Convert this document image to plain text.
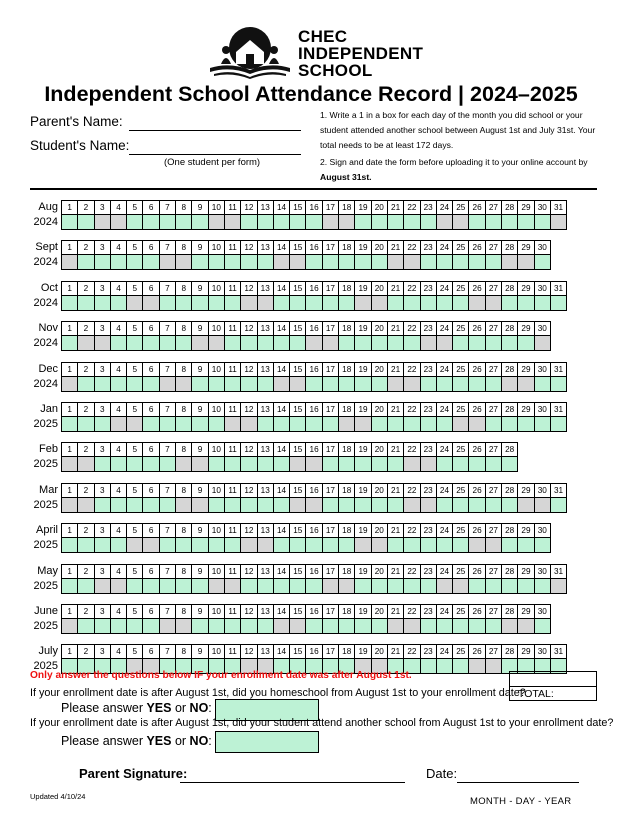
CHEC
INDEPENDENT
SCHOOL
Independent School Attendance Record | 2024–2025
Parent's Name:
Student's Name:
(One student per form)
1. Write a 1 in a box for each day of the month you did school or your student attended another school between August 1st and July 31st. Your total needs to be at least 172 days.
2. Sign and date the form before uploading it to your online account by August 31st.
Aug
2024
1	2	3	4	5	6	7	8	9	10 11 12 13 14 15 16 17 18 19 20 21 22 23 24 25 26 27 28 29 30 31
Sept
2024
1	2	3	4	5	6	7	8	9	10 11 12 13 14 15 16 17 18 19 20 21 22 23 24 25 26 27 28 29 30
Oct
2024
1	2	3	4	5	6	7	8	9	10 11 12 13 14 15 16 17 18 19 20 21 22 23 24 25 26 27 28 29 30 31
Nov
2024
1	2	3	4	5	6	7	8	9	10 11 12 13 14 15 16 17 18 19 20 21 22 23 24 25 26 27 28 29 30
Dec
2024
1	2	3	4	5	6	7	8	9	10 11 12 13 14 15 16 17 18 19 20 21 22 23 24 25 26 27 28 29 30 31
Jan
2025
1	2	3	4	5	6	7	8	9	10 11 12 13 14 15 16 17 18 19 20 21 22 23 24 25 26 27 28 29 30 31
Feb
2025
1	2	3	4	5	6	7	8	9	10 11 12 13 14 15 16 17 18 19 20 21 22 23 24 25 26 27 28
Mar
2025
1	2	3	4	5	6	7	8	9	10 11 12 13 14 15 16 17 18 19 20 21 22 23 24 25 26 27 28 29 30 31
April
2025
1	2	3	4	5	6	7	8	9	10 11 12 13 14 15 16 17 18 19 20 21 22 23 24 25 26 27 28 29 30
May
2025
1	2	3	4	5	6	7	8	9	10 11 12 13 14 15 16 17 18 19 20 21 22 23 24 25 26 27 28 29 30 31
June
2025
1	2	3	4	5	6	7	8	9	10 11 12 13 14 15 16 17 18 19 20 21 22 23 24 25 26 27 28 29 30
July
2025
1	2	3	4	5	6	7	8	9	10 11 12 13 14 15 16 17 18 19 20 21 22 23 24 25 26 27 28 29 30 31
TOTAL:
Only answer the questions below IF your enrollment date was after August 1st.
If your enrollment date is after August 1st, did you homeschool from August 1st to your enrollment date?
Please answer YES or NO:
If your enrollment date is after August 1st, did your student attend another school from August 1st to your enrollment date?
Please answer YES or NO:
Parent Signature:	Date:
Updated 4/10/24	MONTH - DAY - YEAR
